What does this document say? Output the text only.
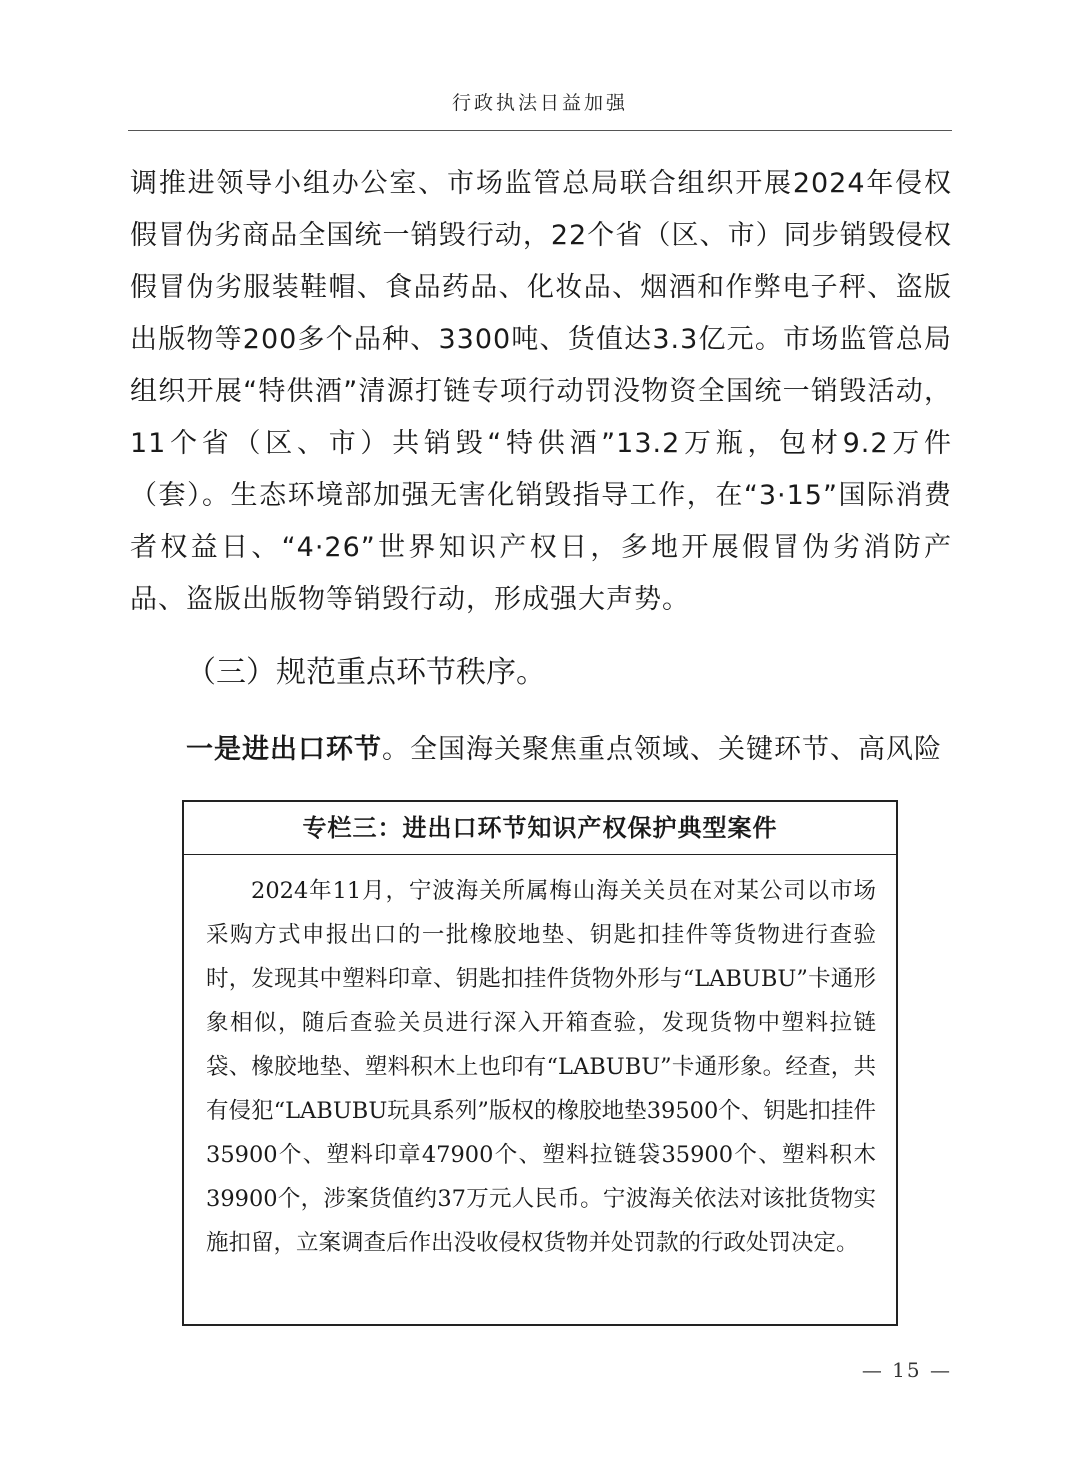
行政执法日益加强

调推进领导小组办公室、市场监管总局联合组织开展2024年侵权假冒伪劣商品全国统一销毁行动，22个省（区、市）同步销毁侵权假冒伪劣服装鞋帽、食品药品、化妆品、烟酒和作弊电子秤、盗版出版物等200多个品种、3300吨、货值达3.3亿元。市场监管总局组织开展“特供酒”清源打链专项行动罚没物资全国统一销毁活动，11个省（区、市）共销毁“特供酒”13.2万瓶，包材9.2万件（套）。生态环境部加强无害化销毁指导工作，在“3·15”国际消费者权益日、“4·26”世界知识产权日，多地开展假冒伪劣消防产品、盗版出版物等销毁行动，形成强大声势。

（三）规范重点环节秩序。

一是进出口环节。全国海关聚焦重点领域、关键环节、高风险

专栏三：进出口环节知识产权保护典型案件

2024年11月，宁波海关所属梅山海关关员在对某公司以市场采购方式申报出口的一批橡胶地垫、钥匙扣挂件等货物进行查验时，发现其中塑料印章、钥匙扣挂件货物外形与“LABUBU”卡通形象相似，随后查验关员进行深入开箱查验，发现货物中塑料拉链袋、橡胶地垫、塑料积木上也印有“LABUBU”卡通形象。经查，共有侵犯“LABUBU玩具系列”版权的橡胶地垫39500个、钥匙扣挂件35900个、塑料印章47900个、塑料拉链袋35900个、塑料积木39900个，涉案货值约37万元人民币。宁波海关依法对该批货物实施扣留，立案调查后作出没收侵权货物并处罚款的行政处罚决定。

— 15 —
